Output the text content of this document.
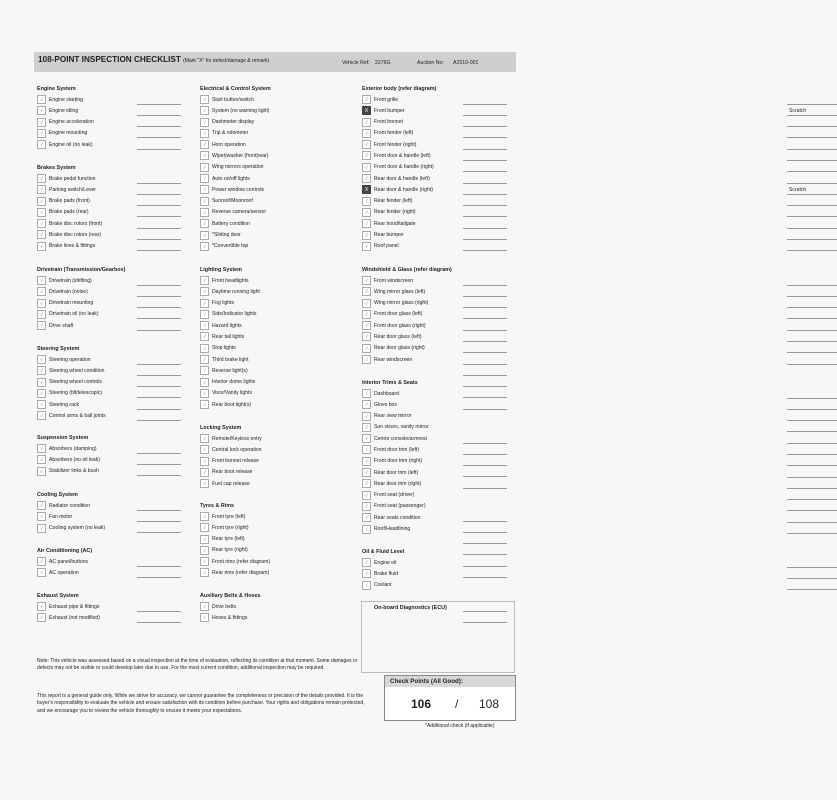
108-POINT INSPECTION CHECKLIST (Mark "X" for defect/damage & remark)	Vehicle Ref: 2276G	Auction No: A2510-001
Engine System
√	Engine starting
√	Engine idling
√	Engine acceleration
√	Engine mounting
√	Engine oil (no leak)
Brakes System
√	Brake pedal function
√	Parking switch/Lever
√	Brake pads (front)
√	Brake pads (rear)
√	Brake disc rotors (front)
√	Brake disc rotors (rear)
√	Brake lines & fittings
Drivetrain (Transmission/Gearbox)
√	Drivetrain (shifting)
√	Drivetrain (noise)
√	Drivetrain mounting
√	Drivetrain oil (no leak)
√	Drive shaft
Steering System
√	Steering operation
√	Steering wheel condition
√	Steering wheel controls
√	Steering (tilt/telescopic)
√	Steering rack
√	Control arms & ball joints
Suspension System
√	Absorbers (damping)
√	Absorbers (no oil leak)
√	Stabilizer links & bush
Cooling System
√	Radiator condition
√	Fan motor
√	Cooling system (no leak)
Air Conditioning (AC)
√	AC panel/buttons
√	AC operation
Exhaust System
√	Exhaust pipe & fittings
√	Exhaust (not modified)
Electrical & Control System
√	Start button/switch
√	System (no warning light)
√	Dashmeter display
√	Trip & odometer
√	Horn operation
√	Wiper|washer (front|rear)
√	Wing mirrors operation
√	Auto on/off lights
√	Power window controls
√	Sunroof/Moonroof
√	Reverse camera/sensor
√	Battery condition
√	*Sliding door
√	*Convertible top
Lighting System
√	Front headlights
√	Daytime running light
√	Fog lights
√	Side/Indicator lights
√	Hazard lights
√	Rear tail lights
√	Stop lights
√	Third brake light
√	Reverse light(s)
√	Interior dome lights
√	Visor/Vanity lights
√	Rear boot light(s)
Locking System
√	Remote/Keyless entry
√	Central lock operation
√	Front bonnet release
√	Rear boot release
√	Fuel cap release
Tyres & Rims
√	Front tyre (left)
√	Front tyre (right)
√	Rear tyre (left)
√	Rear tyre (right)
√	Front rims (refer diagram)
√	Rear rims (refer diagram)
Auxiliary Belts & Hoses
√	Drive belts
√	Hoses & fittings
Exterior body (refer diagram)
√	Front grille
X	Front bumper	Scratch
√	Front bonnet
√	Front fender (left)
√	Front fender (right)
√	Front door & handle (left)
√	Front door & handle (right)
√	Rear door & handle (left)
X	Rear door & handle (right)	Scratch
√	Rear fender (left)
√	Rear fender (right)
√	Rear hood/tailgate
√	Rear bumper
√	Roof panel
Windshield & Glass (refer diagram)
√	Front windscreen
√	Wing mirror glass (left)
√	Wing mirror glass (right)
√	Front door glass (left)
√	Front door glass (right)
√	Rear door glass (left)
√	Rear door glass (right)
√	Rear windscreen
Interior Trims & Seats
√	Dashboard
√	Glove box
√	Rear view mirror
√	Sun visors, vanity mirror
√	Centre console/armrest
√	Front door trim (left)
√	Front door trim (right)
√	Rear door trim (left)
√	Rear door trim (right)
√	Front seat (driver)
√	Front seat (passenger)
√	Rear seats condition
√	Roof/Headlining
Oil & Fluid Level
√	Engine oil
√	Brake fluid
√	Coolant
On-board Diagnostics (ECU)
Note: This vehicle was assessed based on a visual inspection at the time of evaluation, reflecting its condition at that moment. Some damages or defects may not be visible or could develop later due to use. For the most current condition, additional inspection may be required.
This report is a general guide only. While we strive for accuracy, we cannot guarantee the completeness or precision of the details provided. It is the buyer's responsibility to evaluate the vehicle and ensure satisfaction with its condition before purchase. Your rights and obligations remain protected, and we encourage you to review the vehicle thoroughly to ensure it meets your expectations.
Check Points (All Good):
106 / 108
*Additional check (if applicable)
